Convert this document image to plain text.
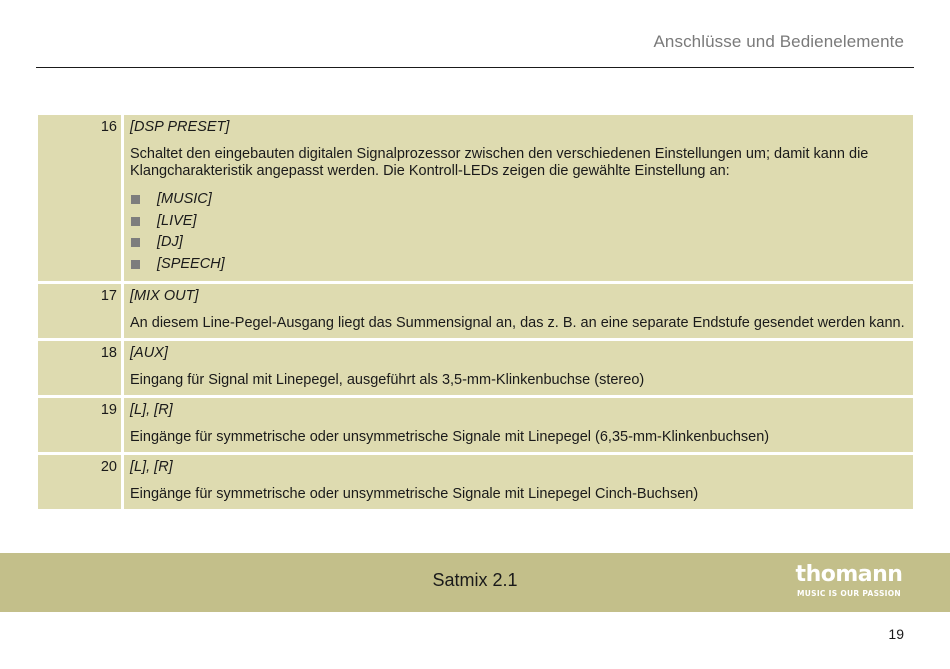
Anschlüsse und Bedienelemente
16 [DSP PRESET]
Schaltet den eingebauten digitalen Signalprozessor zwischen den verschiedenen Einstellungen um; damit kann die Klangcharakteristik angepasst werden. Die Kontroll-LEDs zeigen die gewählte Einstellung an:
[MUSIC]
[LIVE]
[DJ]
[SPEECH]
17 [MIX OUT]
An diesem Line-Pegel-Ausgang liegt das Summensignal an, das z. B. an eine separate Endstufe gesendet werden kann.
18 [AUX]
Eingang für Signal mit Linepegel, ausgeführt als 3,5-mm-Klinkenbuchse (stereo)
19 [L], [R]
Eingänge für symmetrische oder unsymmetrische Signale mit Linepegel (6,35-mm-Klinkenbuchsen)
20 [L], [R]
Eingänge für symmetrische oder unsymmetrische Signale mit Linepegel Cinch-Buchsen)
Satmix 2.1	thomann
MUSIC IS OUR PASSION
19
